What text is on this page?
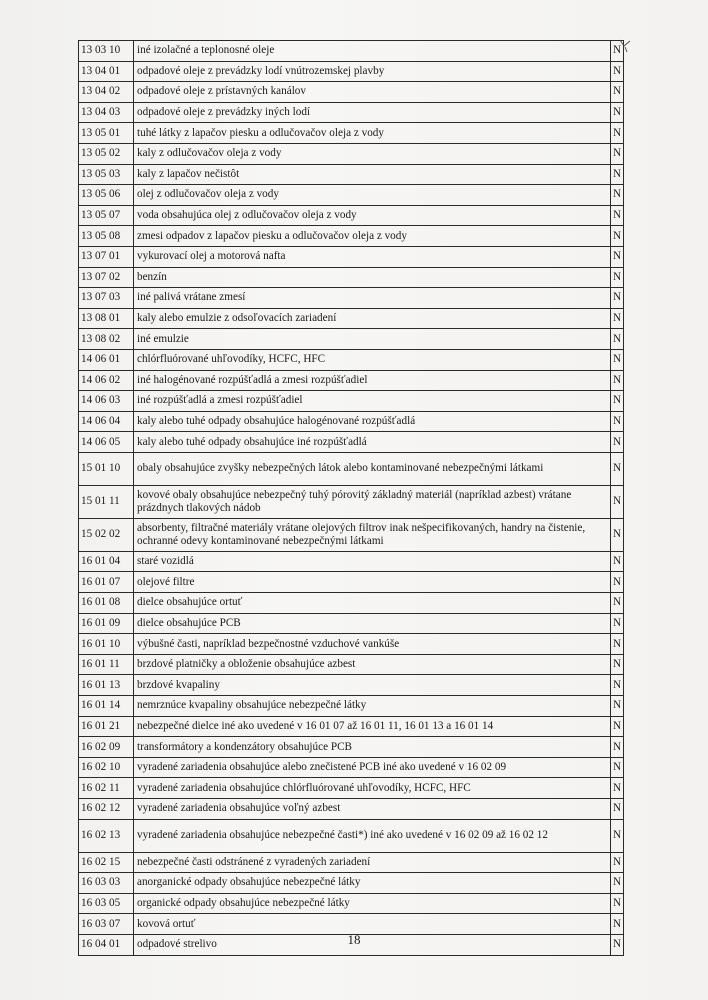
13 03 10	iné izolačné a teplonosné oleje	N
13 04 01	odpadové oleje z prevádzky lodí vnútrozemskej plavby	N
13 04 02	odpadové oleje z prístavných kanálov	N
13 04 03	odpadové oleje z prevádzky iných lodí	N
13 05 01	tuhé látky z lapačov piesku a odlučovačov oleja z vody	N
13 05 02	kaly z odlučovačov oleja z vody	N
13 05 03	kaly z lapačov nečistôt	N
13 05 06	olej z odlučovačov oleja z vody	N
13 05 07	voda obsahujúca olej z odlučovačov oleja z vody	N
13 05 08	zmesi odpadov z lapačov piesku a odlučovačov oleja z vody	N
13 07 01	vykurovací olej a motorová nafta	N
13 07 02	benzín	N
13 07 03	iné palivá vrátane zmesí	N
13 08 01	kaly alebo emulzie z odsoľovacích zariadení	N
13 08 02	iné emulzie	N
14 06 01	chlórfluórované uhľovodíky, HCFC, HFC	N
14 06 02	iné halogénované rozpúšťadlá a zmesi rozpúšťadiel	N
14 06 03	iné rozpúšťadlá a zmesi rozpúšťadiel	N
14 06 04	kaly alebo tuhé odpady obsahujúce halogénované rozpúšťadlá	N
14 06 05	kaly alebo tuhé odpady obsahujúce iné rozpúšťadlá	N
15 01 10	obaly obsahujúce zvyšky nebezpečných látok alebo kontaminované nebezpečnými látkami	N
15 01 11	kovové obaly obsahujúce nebezpečný tuhý pórovitý základný materiál (napríklad azbest) vrátane prázdnych tlakových nádob	N
15 02 02	absorbenty, filtračné materiály vrátane olejových filtrov inak nešpecifikovaných, handry na čistenie, ochranné odevy kontaminované nebezpečnými látkami	N
16 01 04	staré vozidlá	N
16 01 07	olejové filtre	N
16 01 08	dielce obsahujúce ortuť	N
16 01 09	dielce obsahujúce PCB	N
16 01 10	výbušné časti, napríklad bezpečnostné vzduchové vankúše	N
16 01 11	brzdové platničky a obloženie obsahujúce azbest	N
16 01 13	brzdové kvapaliny	N
16 01 14	nemrznúce kvapaliny obsahujúce nebezpečné látky	N
16 01 21	nebezpečné dielce iné ako uvedené v 16 01 07 až 16 01 11, 16 01 13 a 16 01 14	N
16 02 09	transformátory a kondenzátory obsahujúce PCB	N
16 02 10	vyradené zariadenia obsahujúce alebo znečistené PCB iné ako uvedené v 16 02 09	N
16 02 11	vyradené zariadenia obsahujúce chlórfluórované uhľovodíky, HCFC, HFC	N
16 02 12	vyradené zariadenia obsahujúce voľný azbest	N
16 02 13	vyradené zariadenia obsahujúce nebezpečné časti*) iné ako uvedené v 16 02 09 až 16 02 12	N
16 02 15	nebezpečné časti odstránené z vyradených zariadení	N
16 03 03	anorganické odpady obsahujúce nebezpečné látky	N
16 03 05	organické odpady obsahujúce nebezpečné látky	N
16 03 07	kovová ortuť	N
16 04 01	odpadové strelivo	N
18
